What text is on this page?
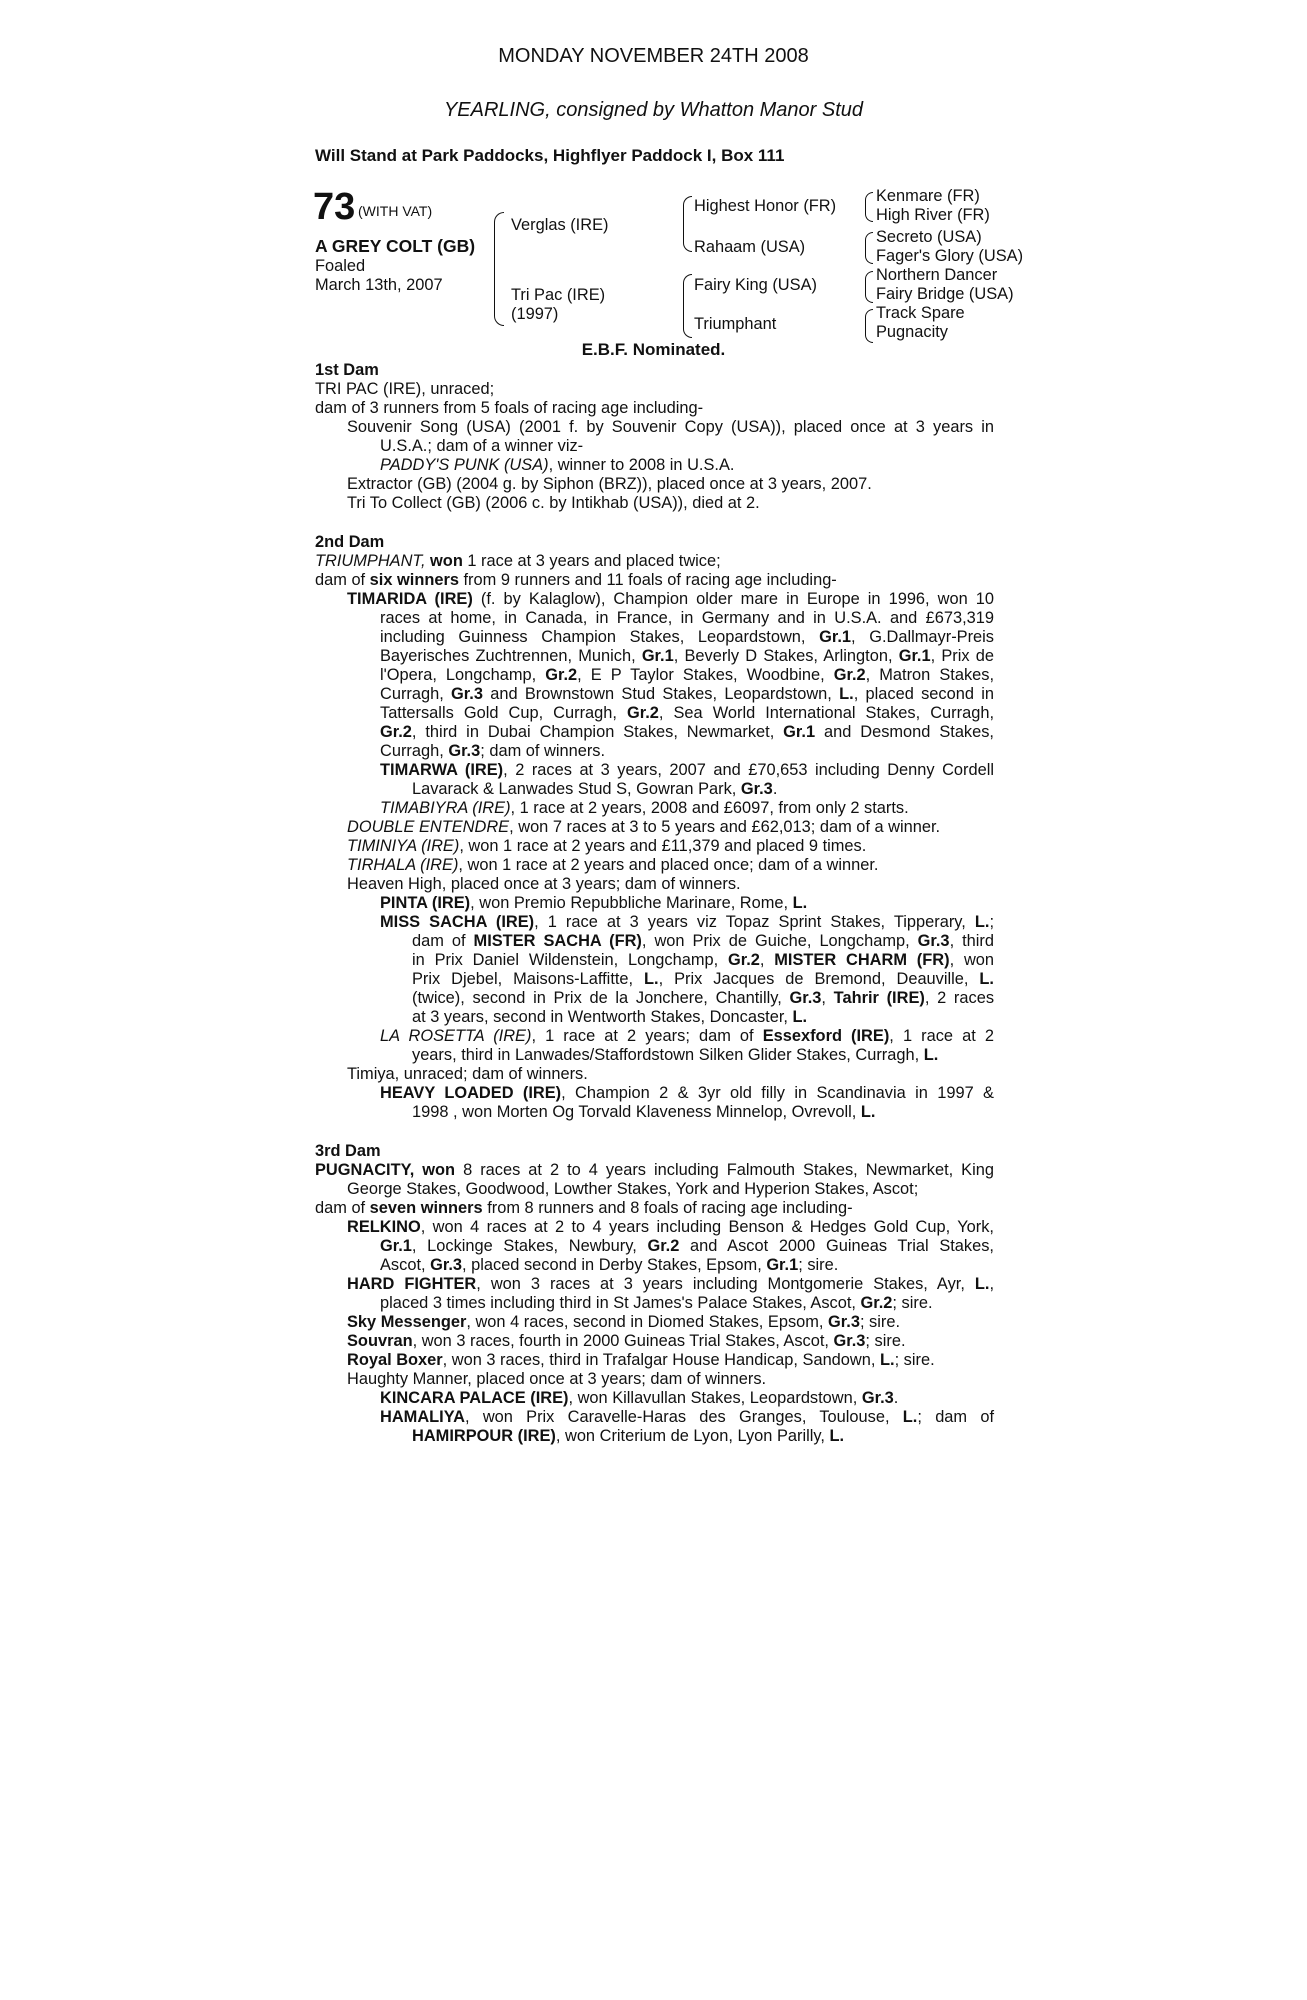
MONDAY NOVEMBER 24TH 2008
YEARLING, consigned by Whatton Manor Stud
Will Stand at Park Paddocks, Highflyer Paddock I, Box 111
73 (WITH VAT)
A GREY COLT (GB)
Foaled
March 13th, 2007
Verglas (IRE)
Tri Pac (IRE)
(1997)
Highest Honor (FR)
Rahaam (USA)
Fairy King (USA)
Triumphant
Kenmare (FR)
High River (FR)
Secreto (USA)
Fager's Glory (USA)
Northern Dancer
Fairy Bridge (USA)
Track Spare
Pugnacity
E.B.F. Nominated.
1st Dam
TRI PAC (IRE), unraced;
dam of 3 runners from 5 foals of racing age including-
Souvenir Song (USA) (2001 f. by Souvenir Copy (USA)), placed once at 3 years in
U.S.A.; dam of a winner viz-
PADDY'S PUNK (USA), winner to 2008 in U.S.A.
Extractor (GB) (2004 g. by Siphon (BRZ)), placed once at 3 years, 2007.
Tri To Collect (GB) (2006 c. by Intikhab (USA)), died at 2.
2nd Dam
TRIUMPHANT, won 1 race at 3 years and placed twice;
dam of six winners from 9 runners and 11 foals of racing age including-
TIMARIDA (IRE) (f. by Kalaglow), Champion older mare in Europe in 1996, won 10
races at home, in Canada, in France, in Germany and in U.S.A. and £673,319
including Guinness Champion Stakes, Leopardstown, Gr.1, G.Dallmayr-Preis
Bayerisches Zuchtrennen, Munich, Gr.1, Beverly D Stakes, Arlington, Gr.1, Prix de
l'Opera, Longchamp, Gr.2, E P Taylor Stakes, Woodbine, Gr.2, Matron Stakes,
Curragh, Gr.3 and Brownstown Stud Stakes, Leopardstown, L., placed second in
Tattersalls Gold Cup, Curragh, Gr.2, Sea World International Stakes, Curragh,
Gr.2, third in Dubai Champion Stakes, Newmarket, Gr.1 and Desmond Stakes,
Curragh, Gr.3; dam of winners.
TIMARWA (IRE), 2 races at 3 years, 2007 and £70,653 including Denny Cordell
Lavarack & Lanwades Stud S, Gowran Park, Gr.3.
TIMABIYRA (IRE), 1 race at 2 years, 2008 and £6097, from only 2 starts.
DOUBLE ENTENDRE, won 7 races at 3 to 5 years and £62,013; dam of a winner.
TIMINIYA (IRE), won 1 race at 2 years and £11,379 and placed 9 times.
TIRHALA (IRE), won 1 race at 2 years and placed once; dam of a winner.
Heaven High, placed once at 3 years; dam of winners.
PINTA (IRE), won Premio Repubbliche Marinare, Rome, L.
MISS SACHA (IRE), 1 race at 3 years viz Topaz Sprint Stakes, Tipperary, L.;
dam of MISTER SACHA (FR), won Prix de Guiche, Longchamp, Gr.3, third
in Prix Daniel Wildenstein, Longchamp, Gr.2, MISTER CHARM (FR), won
Prix Djebel, Maisons-Laffitte, L., Prix Jacques de Bremond, Deauville, L.
(twice), second in Prix de la Jonchere, Chantilly, Gr.3, Tahrir (IRE), 2 races
at 3 years, second in Wentworth Stakes, Doncaster, L.
LA ROSETTA (IRE), 1 race at 2 years; dam of Essexford (IRE), 1 race at 2
years, third in Lanwades/Staffordstown Silken Glider Stakes, Curragh, L.
Timiya, unraced; dam of winners.
HEAVY LOADED (IRE), Champion 2 & 3yr old filly in Scandinavia in 1997 &
1998 , won Morten Og Torvald Klaveness Minnelop, Ovrevoll, L.
3rd Dam
PUGNACITY, won 8 races at 2 to 4 years including Falmouth Stakes, Newmarket, King
George Stakes, Goodwood, Lowther Stakes, York and Hyperion Stakes, Ascot;
dam of seven winners from 8 runners and 8 foals of racing age including-
RELKINO, won 4 races at 2 to 4 years including Benson & Hedges Gold Cup, York,
Gr.1, Lockinge Stakes, Newbury, Gr.2 and Ascot 2000 Guineas Trial Stakes,
Ascot, Gr.3, placed second in Derby Stakes, Epsom, Gr.1; sire.
HARD FIGHTER, won 3 races at 3 years including Montgomerie Stakes, Ayr, L.,
placed 3 times including third in St James's Palace Stakes, Ascot, Gr.2; sire.
Sky Messenger, won 4 races, second in Diomed Stakes, Epsom, Gr.3; sire.
Souvran, won 3 races, fourth in 2000 Guineas Trial Stakes, Ascot, Gr.3; sire.
Royal Boxer, won 3 races, third in Trafalgar House Handicap, Sandown, L.; sire.
Haughty Manner, placed once at 3 years; dam of winners.
KINCARA PALACE (IRE), won Killavullan Stakes, Leopardstown, Gr.3.
HAMALIYA, won Prix Caravelle-Haras des Granges, Toulouse, L.; dam of
HAMIRPOUR (IRE), won Criterium de Lyon, Lyon Parilly, L.
